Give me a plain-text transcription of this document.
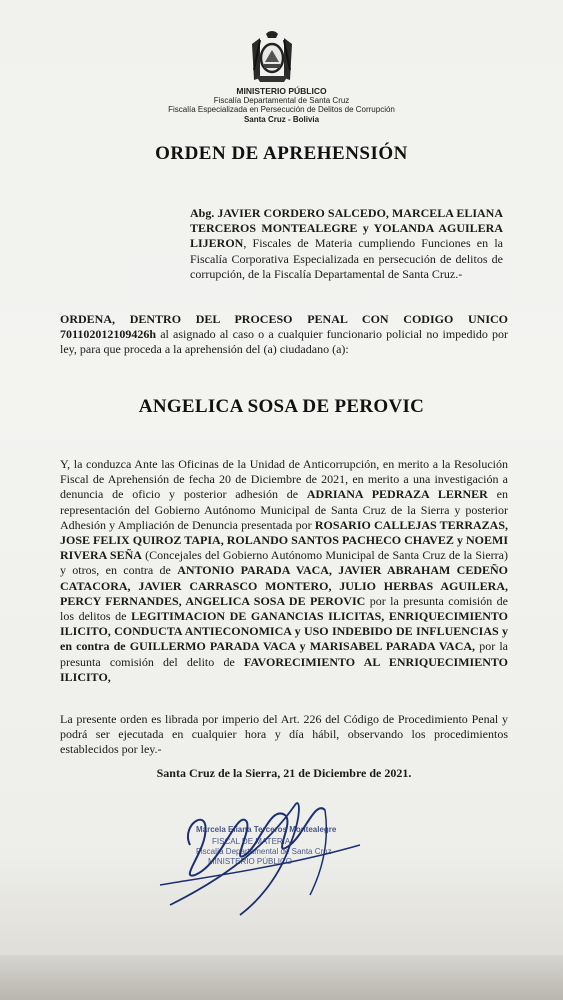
MINISTERIO PÚBLICO
Fiscalía Departamental de Santa Cruz
Fiscalía Especializada en Persecución de Delitos de Corrupción
Santa Cruz - Bolivia
ORDEN DE APREHENSIÓN
Abg. JAVIER CORDERO SALCEDO, MARCELA ELIANA TERCEROS MONTEALEGRE y YOLANDA AGUILERA LIJERON, Fiscales de Materia cumpliendo Funciones en la Fiscalía Corporativa Especializada en persecución de delitos de corrupción, de la Fiscalía Departamental de Santa Cruz.-
ORDENA, DENTRO DEL PROCESO PENAL CON CODIGO UNICO 701102012109426h al asignado al caso o a cualquier funcionario policial no impedido por ley, para que proceda a la aprehensión del (a) ciudadano (a):
ANGELICA SOSA DE PEROVIC
Y, la conduzca Ante las Oficinas de la Unidad de Anticorrupción, en merito a la Resolución Fiscal de Aprehensión de fecha 20 de Diciembre de 2021, en merito a una investigación a denuncia de oficio y posterior adhesión de ADRIANA PEDRAZA LERNER en representación del Gobierno Autónomo Municipal de Santa Cruz de la Sierra y posterior Adhesión y Ampliación de Denuncia presentada por ROSARIO CALLEJAS TERRAZAS, JOSE FELIX QUIROZ TAPIA, ROLANDO SANTOS PACHECO CHAVEZ y NOEMI RIVERA SEÑA (Concejales del Gobierno Autónomo Municipal de Santa Cruz de la Sierra) y otros, en contra de ANTONIO PARADA VACA, JAVIER ABRAHAM CEDEÑO CATACORA, JAVIER CARRASCO MONTERO, JULIO HERBAS AGUILERA, PERCY FERNANDES, ANGELICA SOSA DE PEROVIC por la presunta comisión de los delitos de LEGITIMACION DE GANANCIAS ILICITAS, ENRIQUECIMIENTO ILICITO, CONDUCTA ANTIECONOMICA y USO INDEBIDO DE INFLUENCIAS y en contra de GUILLERMO PARADA VACA y MARISABEL PARADA VACA, por la presunta comisión del delito de FAVORECIMIENTO AL ENRIQUECIMIENTO ILICITO,
La presente orden es librada por imperio del Art. 226 del Código de Procedimiento Penal y podrá ser ejecutada en cualquier hora y día hábil, observando los procedimientos establecidos por ley.-
Santa Cruz de la Sierra, 21 de Diciembre de 2021.
Marcela Eliana Terceros Montealegre
FISCAL DE MATERIA
Fiscalía Departamental de Santa Cruz
MINISTERIO PÚBLICO
